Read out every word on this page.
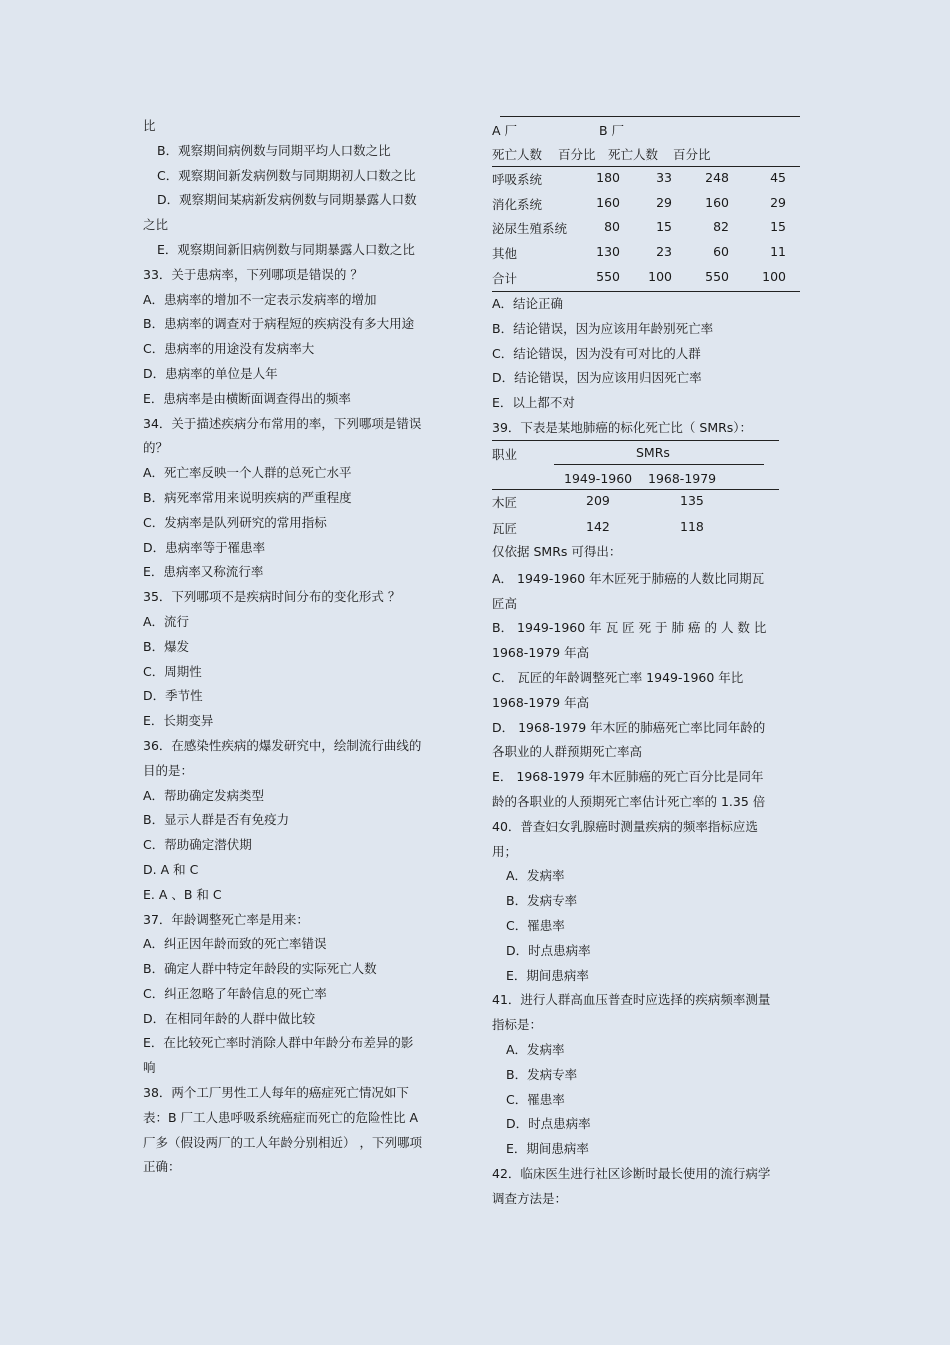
比
B．观察期间病例数与同期平均人口数之比
C．观察期间新发病例数与同期期初人口数之比
D．观察期间某病新发病例数与同期暴露人口数
之比
E．观察期间新旧病例数与同期暴露人口数之比
33．关于患病率，下列哪项是错误的 ？
A．患病率的增加不一定表示发病率的增加
B．患病率的调查对于病程短的疾病没有多大用途
C．患病率的用途没有发病率大
D．患病率的单位是人年
E．患病率是由横断面调查得出的频率
34．关于描述疾病分布常用的率，下列哪项是错误
的？
A．死亡率反映一个人群的总死亡水平
B．病死率常用来说明疾病的严重程度
C．发病率是队列研究的常用指标
D．患病率等于罹患率
E．患病率又称流行率
35．下列哪项不是疾病时间分布的变化形式 ？
A．流行
B．爆发
C．周期性
D．季节性
E．长期变异
36．在感染性疾病的爆发研究中，绘制流行曲线的
目的是：
A．帮助确定发病类型
B．显示人群是否有免疫力
C．帮助确定潜伏期
D. A 和 C
E. A 、B 和 C
37．年龄调整死亡率是用来：
A．纠正因年龄而致的死亡率错误
B．确定人群中特定年龄段的实际死亡人数
C．纠正忽略了年龄信息的死亡率
D．在相同年龄的人群中做比较
E．在比较死亡率时消除人群中年龄分布差异的影
响
38．两个工厂男性工人每年的癌症死亡情况如下
表：B 厂工人患呼吸系统癌症而死亡的危险性比 A
厂多（假设两厂的工人年龄分别相近） ，下列哪项
正确：
A 厂	B 厂
死亡人数 百分比 死亡人数 百分比
呼吸系统	180	33	248	45
消化系统	160	29	160	29
泌尿生殖系统	80	15	82	15
其他	130	23	60	11
合计	550 100	550	100
A．结论正确
B．结论错误，因为应该用年龄别死亡率
C．结论错误，因为没有可对比的人群
D．结论错误，因为应该用归因死亡率
E．以上都不对
39．下表是某地肺癌的标化死亡比（ SMRs）：
职业	SMRs
1949-1960 1968-1979
木匠	209	135
瓦匠	142	118
仅依据 SMRs 可得出：
A． 1949-1960 年木匠死于肺癌的人数比同期瓦
匠高
B． 1949-1960 年 瓦 匠 死 于 肺 癌 的 人 数 比
1968-1979 年高
C． 瓦匠的年龄调整死亡率 1949-1960 年比
1968-1979 年高
D． 1968-1979 年木匠的肺癌死亡率比同年龄的
各职业的人群预期死亡率高
E． 1968-1979 年木匠肺癌的死亡百分比是同年
龄的各职业的人预期死亡率估计死亡率的 1.35 倍
40．普查妇女乳腺癌时测量疾病的频率指标应选
用；
A．发病率
B．发病专率
C．罹患率
D．时点患病率
E．期间患病率
41．进行人群高血压普查时应选择的疾病频率测量
指标是：
A．发病率
B．发病专率
C．罹患率
D．时点患病率
E．期间患病率
42．临床医生进行社区诊断时最长使用的流行病学
调查方法是：
